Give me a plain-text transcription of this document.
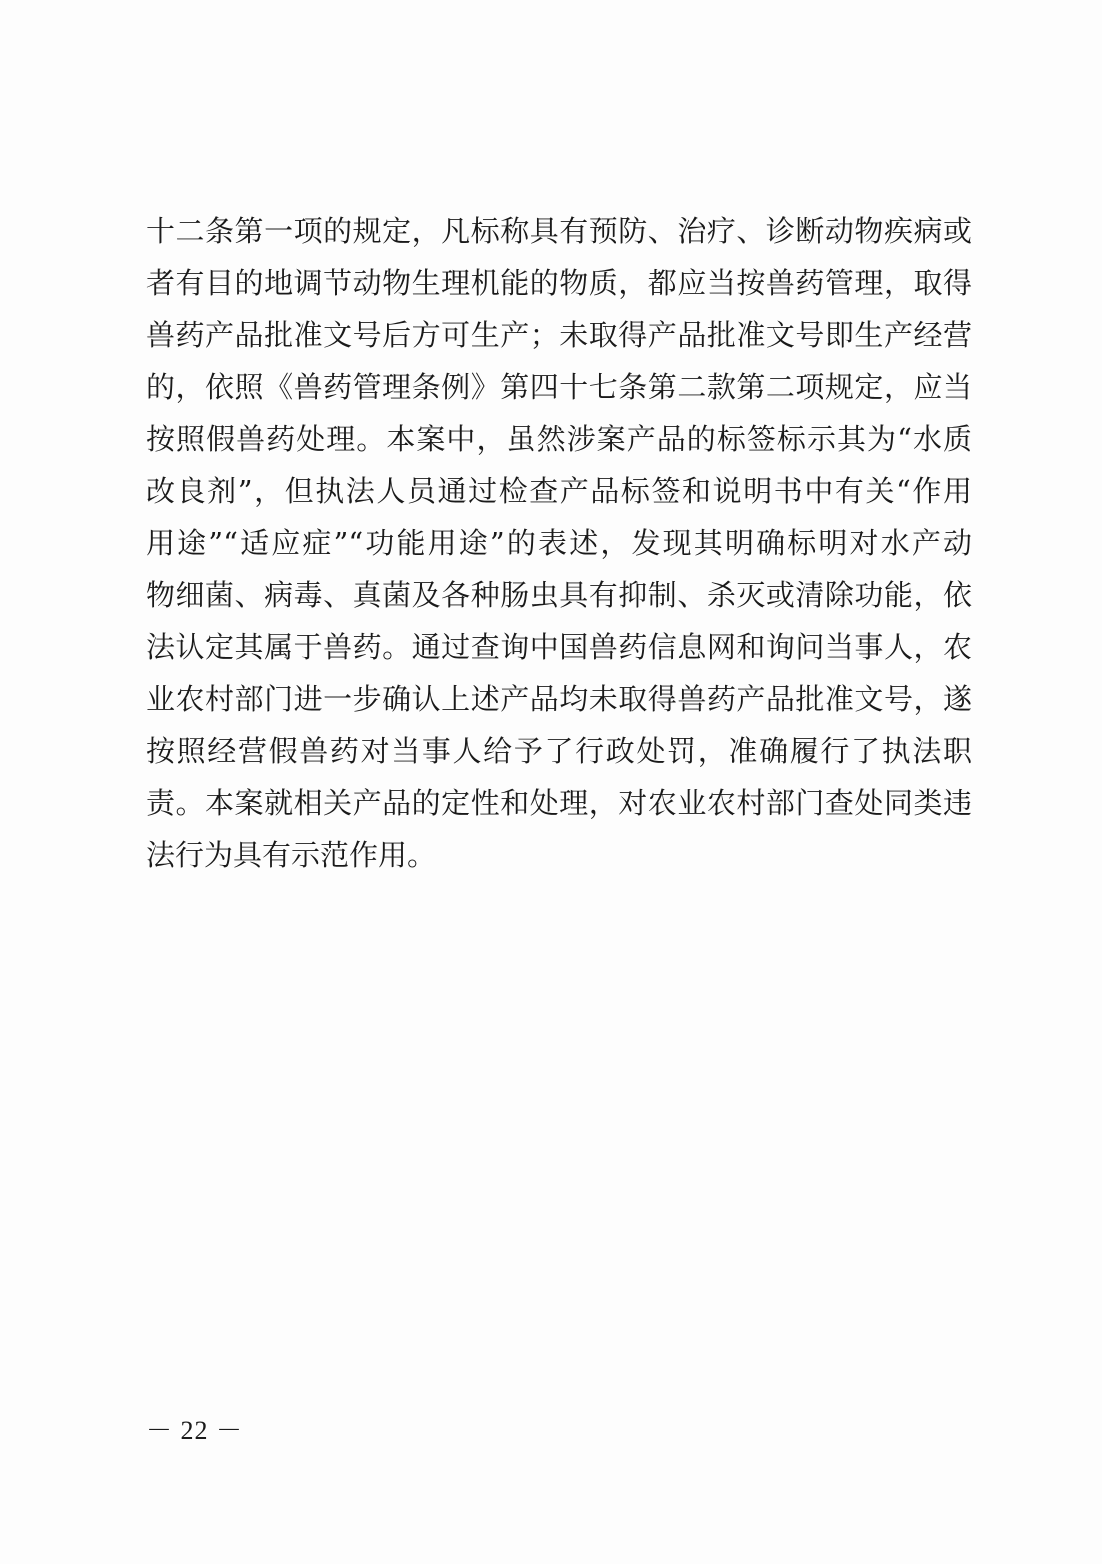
十二条第一项的规定，凡标称具有预防、治疗、诊断动物疾病或
者有目的地调节动物生理机能的物质，都应当按兽药管理，取得
兽药产品批准文号后方可生产；未取得产品批准文号即生产经营
的，依照《兽药管理条例》第四十七条第二款第二项规定，应当
按照假兽药处理。本案中，虽然涉案产品的标签标示其为“水质
改良剂”，但执法人员通过检查产品标签和说明书中有关“作用
用途”“适应症”“功能用途”的表述，发现其明确标明对水产动
物细菌、病毒、真菌及各种肠虫具有抑制、杀灭或清除功能，依
法认定其属于兽药。通过查询中国兽药信息网和询问当事人，农
业农村部门进一步确认上述产品均未取得兽药产品批准文号，遂
按照经营假兽药对当事人给予了行政处罚，准确履行了执法职
责。本案就相关产品的定性和处理，对农业农村部门查处同类违
法行为具有示范作用。
－ 22 －
